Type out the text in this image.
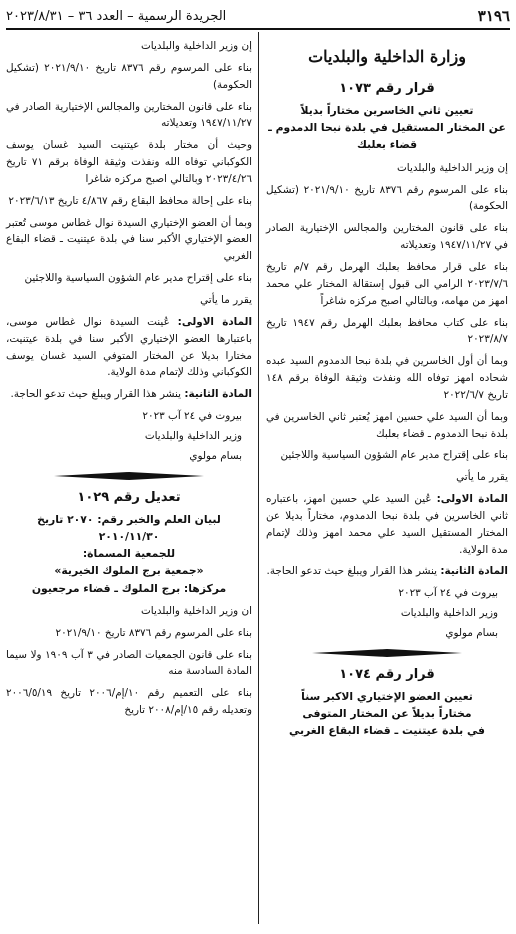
٣١٩٦
الجريدة الرسمية – العدد ٣٦ – ٢٠٢٣/٨/٣١
وزارة الداخلية والبلديات
قرار رقم ١٠٧٣
تعيين ثاني الخاسرين مختاراً بديلاً
عن المختار المستقيل في بلدة نبحا الدمدوم ـ
قضاء بعلبك

إن وزير الداخلية والبلديات

بناء على المرسوم رقم ٨٣٧٦ تاريخ ٢٠٢١/٩/١٠ (تشكيل الحكومة)

بناء على قانون المختارين والمجالس الإختيارية الصادر في ١٩٤٧/١١/٢٧ وتعديلاته

بناء على قرار محافظ بعلبك الهرمل رقم ٧/م تاريخ ٢٠٢٣/٧/٦ الرامي الى قبول إستقالة المختار علي محمد امهز من مهامه، وبالتالي اصبح مركزه شاغراً

بناء على كتاب محافظ بعلبك الهرمل رقم ١٩٤٧ تاريخ ٢٠٢٣/٨/٧

وبما أن أول الخاسرين في بلدة نبحا الدمدوم السيد عبده شحاده امهز توفاه الله ونفذت وثيقة الوفاة برقم ١٤٨ تاريخ ٢٠٢٢/٦/٧

وبما أن السيد علي حسين امهز يُعتبر ثاني الخاسرين في بلدة نبحا الدمدوم ـ قضاء بعلبك

بناء على إقتراح مدير عام الشؤون السياسية واللاجئين

يقرر ما يأتي

المادة الاولى: عُين السيد علي حسين امهز، باعتباره ثاني الخاسرين في بلدة نبحا الدمدوم، مختاراً بديلا عن المختار المستقيل السيد علي محمد امهز وذلك لإتمام مدة الولاية.

المادة الثانية: ينشر هذا القرار ويبلغ حيث تدعو الحاجة.

بيروت في ٢٤ آب ٢٠٢٣
وزير الداخلية والبلديات
بسام مولوي
قرار رقم ١٠٧٤
تعيين العضو الإختياري الاكبر سناً
مختاراً بديلاً عن المختار المتوفى
في بلدة عيتنيت ـ قضاء البقاع الغربي

إن وزير الداخلية والبلديات

بناء على المرسوم رقم ٨٣٧٦ تاريخ ٢٠٢١/٩/١٠ (تشكيل الحكومة)

بناء على قانون المختارين والمجالس الإختيارية الصادر في ١٩٤٧/١١/٢٧ وتعديلاته

وحيث أن مختار بلدة عيتنيت السيد غسان يوسف الكوكباني توفاه الله ونفذت وثيقة الوفاة برقم ٧١ تاريخ ٢٠٢٣/٤/٢٦ وبالتالي اصبح مركزه شاغرا

بناء على إحالة محافظ البقاع رقم ٤/٨٦٧ تاريخ ٢٠٢٣/٦/١٣

وبما أن العضو الإختياري السيدة نوال غطاس موسى تُعتبر العضو الإختياري الأكبر سنا في بلدة عيتنيت ـ قضاء البقاع الغربي

بناء على إقتراح مدير عام الشؤون السياسية واللاجئين

يقرر ما يأتي

المادة الاولى: عُينت السيدة نوال غطاس موسى، باعتبارها العضو الإختياري الأكبر سنا في بلدة عيتنيت، مختارا بديلا عن المختار المتوفي السيد غسان يوسف الكوكباني وذلك لإتمام مدة الولاية.

المادة الثانية: ينشر هذا القرار ويبلغ حيث تدعو الحاجة.

بيروت في ٢٤ آب ٢٠٢٣
وزير الداخلية والبلديات
بسام مولوي
تعديل رقم ١٠٢٩
لبيان العلم والخبر رقم: ٢٠٧٠ تاريخ ٢٠١٠/١١/٣٠
للجمعية المسماة:
«جمعية برج الملوك الخيرية»
مركزها: برج الملوك ـ قضاء مرجعيون

ان وزير الداخلية والبلديات

بناء على المرسوم رقم ٨٣٧٦ تاريخ ٢٠٢١/٩/١٠

بناء على قانون الجمعيات الصادر في ٣ آب ١٩٠٩ ولا سيما المادة السادسة منه

بناء على التعميم رقم ١٠/إم/٢٠٠٦ تاريخ ٢٠٠٦/٥/١٩ وتعديله رقم ١٥/إم/٢٠٠٨ تاريخ
